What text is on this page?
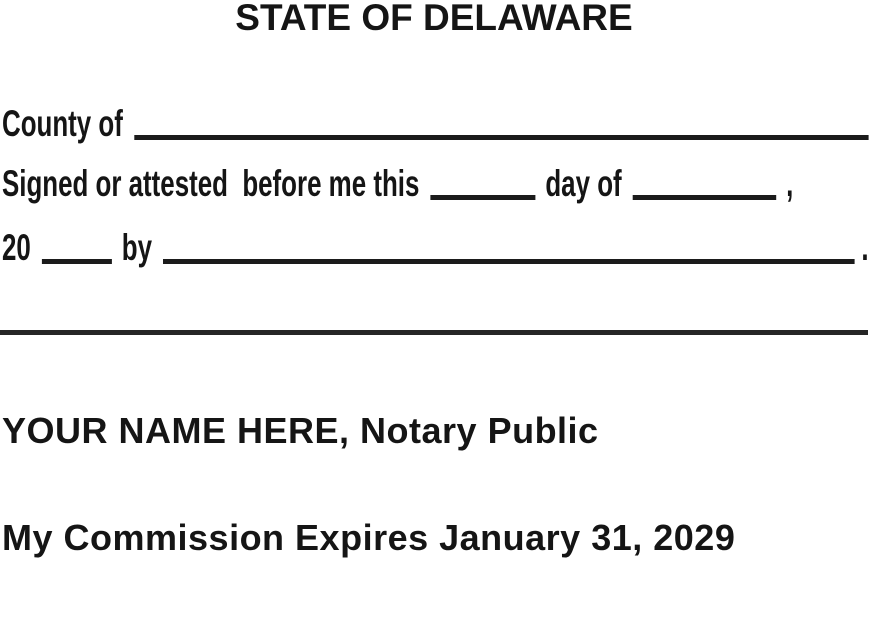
STATE OF DELAWARE
County of
Signed or attested  before me this	day of	,
20 by	.

YOUR NAME HERE, Notary Public

My Commission Expires January 31, 2029
